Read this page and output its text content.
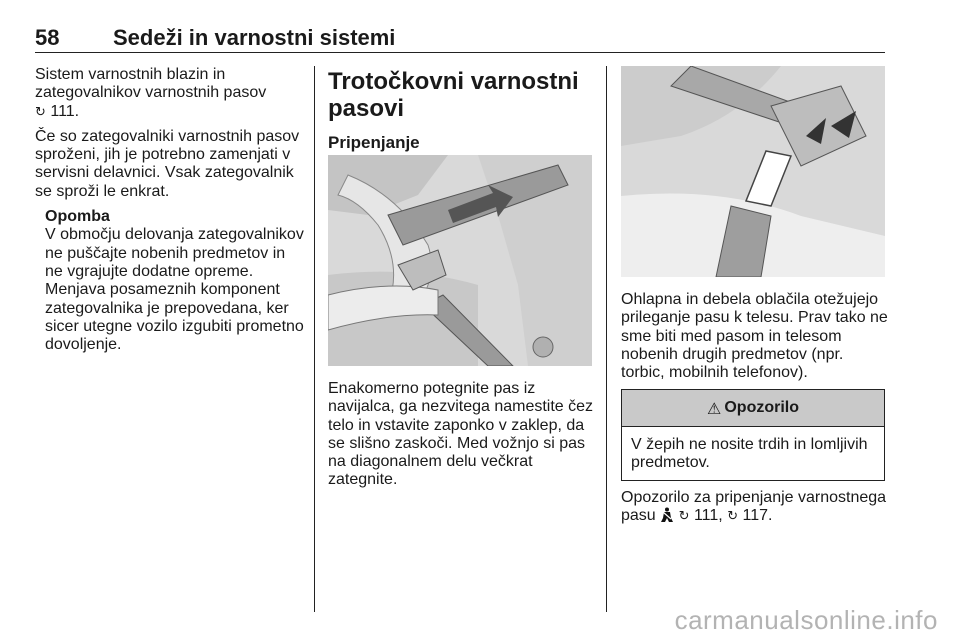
58 Sedeži in varnostni sistemi

Sistem varnostnih blazin in
zategovalnikov varnostnih pasov
↻ 111.

Če so zategovalniki varnostnih pasov sproženi, jih je potrebno zamenjati v servisni delavnici. Vsak zategovalnik se sproži le enkrat.

Opomba

V območju delovanja zategovalnikov ne puščajte nobenih predmetov in ne vgrajujte dodatne opreme. Menjava posameznih komponent zategovalnika je prepovedana, ker sicer utegne vozilo izgubiti prometno dovoljenje.

Trotočkovni varnostni pasovi

Pripenjanje

Enakomerno potegnite pas iz navijalca, ga nezvitega namestite čez telo in vstavite zaponko v zaklep, da se slišno zaskoči. Med vožnjo si pas na diagonalnem delu večkrat zategnite.

Ohlapna in debela oblačila otežujejo prileganje pasu k telesu. Prav tako ne sme biti med pasom in telesom nobenih drugih predmetov (npr. torbic, mobilnih telefonov).

⚠ Opozorilo
V žepih ne nosite trdih in lomljivih predmetov.

Opozorilo za pripenjanje varnostnega
pasu ↻ 111, ↻ 117.

carmanualsonline.info
